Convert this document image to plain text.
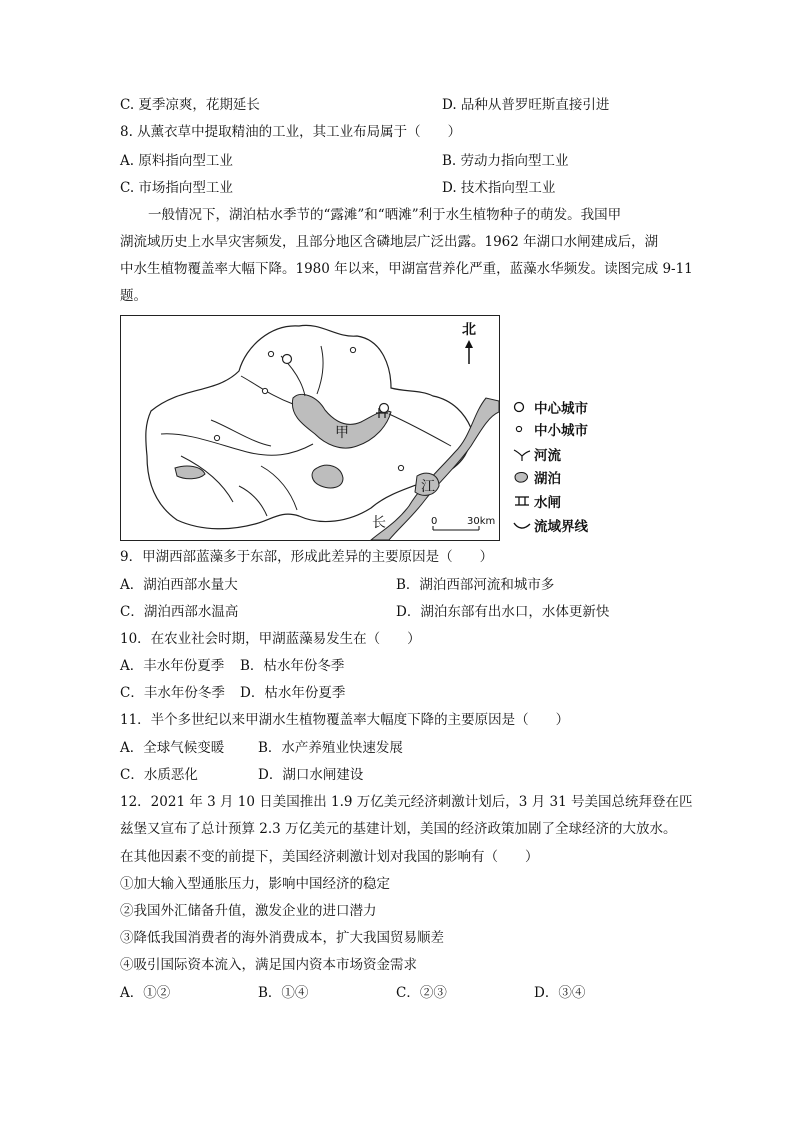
C. 夏季凉爽，花期延长	D. 品种从普罗旺斯直接引进
8. 从薰衣草中提取精油的工业，其工业布局属于（　　）
A. 原料指向型工业	B. 劳动力指向型工业
C. 市场指向型工业	D. 技术指向型工业
一般情况下，湖泊枯水季节的“露滩”和“晒滩”利于水生植物种子的萌发。我国甲
湖流域历史上水旱灾害频发，且部分地区含磷地层广泛出露。1962 年湖口水闸建成后，湖
中水生植物覆盖率大幅下降。1980 年以来，甲湖富营养化严重，蓝藻水华频发。读图完成 9-11
题。
甲
江
长
北
0	30km
中心城市
中小城市
河流
湖泊
水闸
流域界线
9．甲湖西部蓝藻多于东部，形成此差异的主要原因是（　　）
A．湖泊西部水量大	B．湖泊西部河流和城市多
C．湖泊西部水温高	D．湖泊东部有出水口，水体更新快
10．在农业社会时期，甲湖蓝藻易发生在（　　）
A．丰水年份夏季 B．枯水年份冬季
C．丰水年份冬季 D．枯水年份夏季
11．半个多世纪以来甲湖水生植物覆盖率大幅度下降的主要原因是（　　）
A．全球气候变暖	B．水产养殖业快速发展
C．水质恶化	D．湖口水闸建设
12．2021 年 3 月 10 日美国推出 1.9 万亿美元经济刺激计划后，3 月 31 号美国总统拜登在匹
兹堡又宣布了总计预算 2.3 万亿美元的基建计划，美国的经济政策加剧了全球经济的大放水。
在其他因素不变的前提下，美国经济刺激计划对我国的影响有（　　）
①加大输入型通胀压力，影响中国经济的稳定
②我国外汇储备升值，激发企业的进口潜力
③降低我国消费者的海外消费成本，扩大我国贸易顺差
④吸引国际资本流入，满足国内资本市场资金需求
A．①②	B．①④	C．②③	D．③④
